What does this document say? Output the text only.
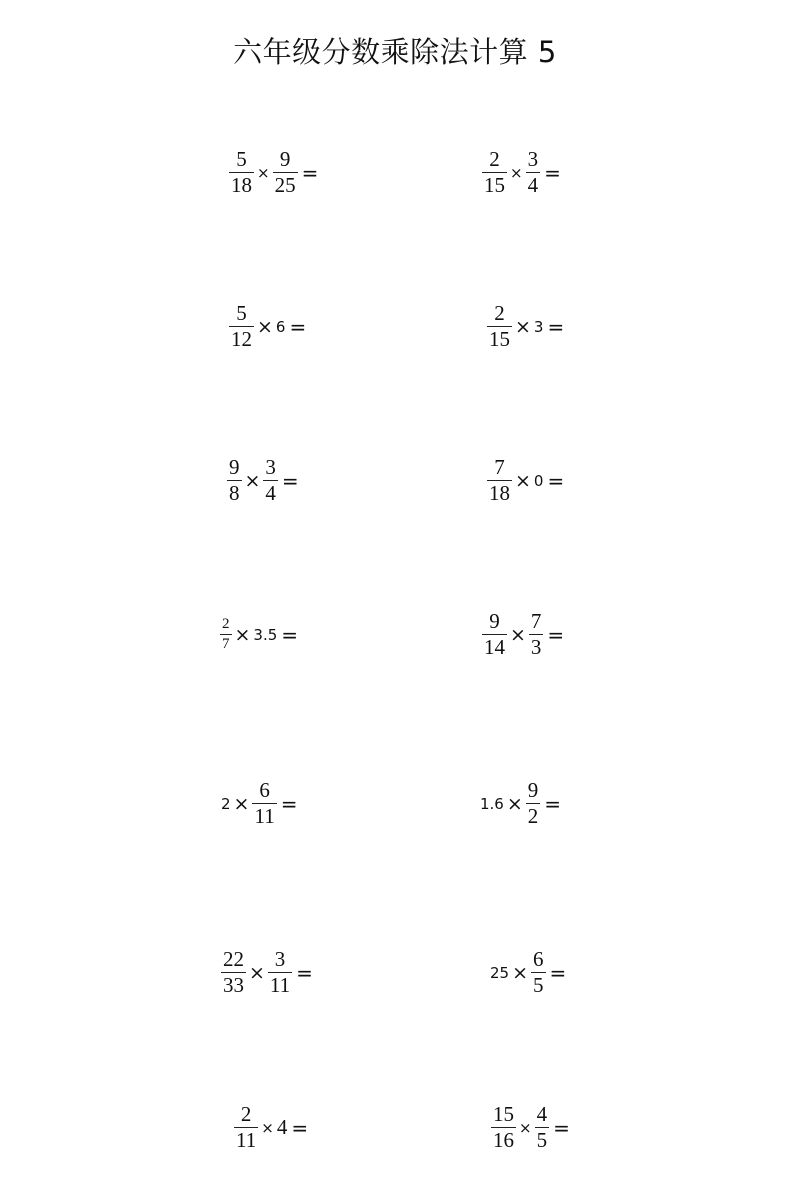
六年级分数乘除法计算 5
$\frac{5}{18} \times \frac{9}{25}$ =	$\frac{2}{15} \times \frac{3}{4}$ =
$\frac{5}{12} \times 6$ =	$\frac{2}{15} \times 3$ =
$\frac{9}{8} \times \frac{3}{4}$ =	$\frac{7}{18} \times 0$ =
$\frac{2}{7} \times 3.5$ =	$\frac{9}{14} \times \frac{7}{3}$ =
$2 \times \frac{6}{11}$ =	$1.6 \times \frac{9}{2}$ =
$\frac{22}{33} \times \frac{3}{11}$ =	$25 \times \frac{6}{5}$ =
$\frac{2}{11} \times 4$ =	$\frac{15}{16} \times \frac{4}{5}$ =
